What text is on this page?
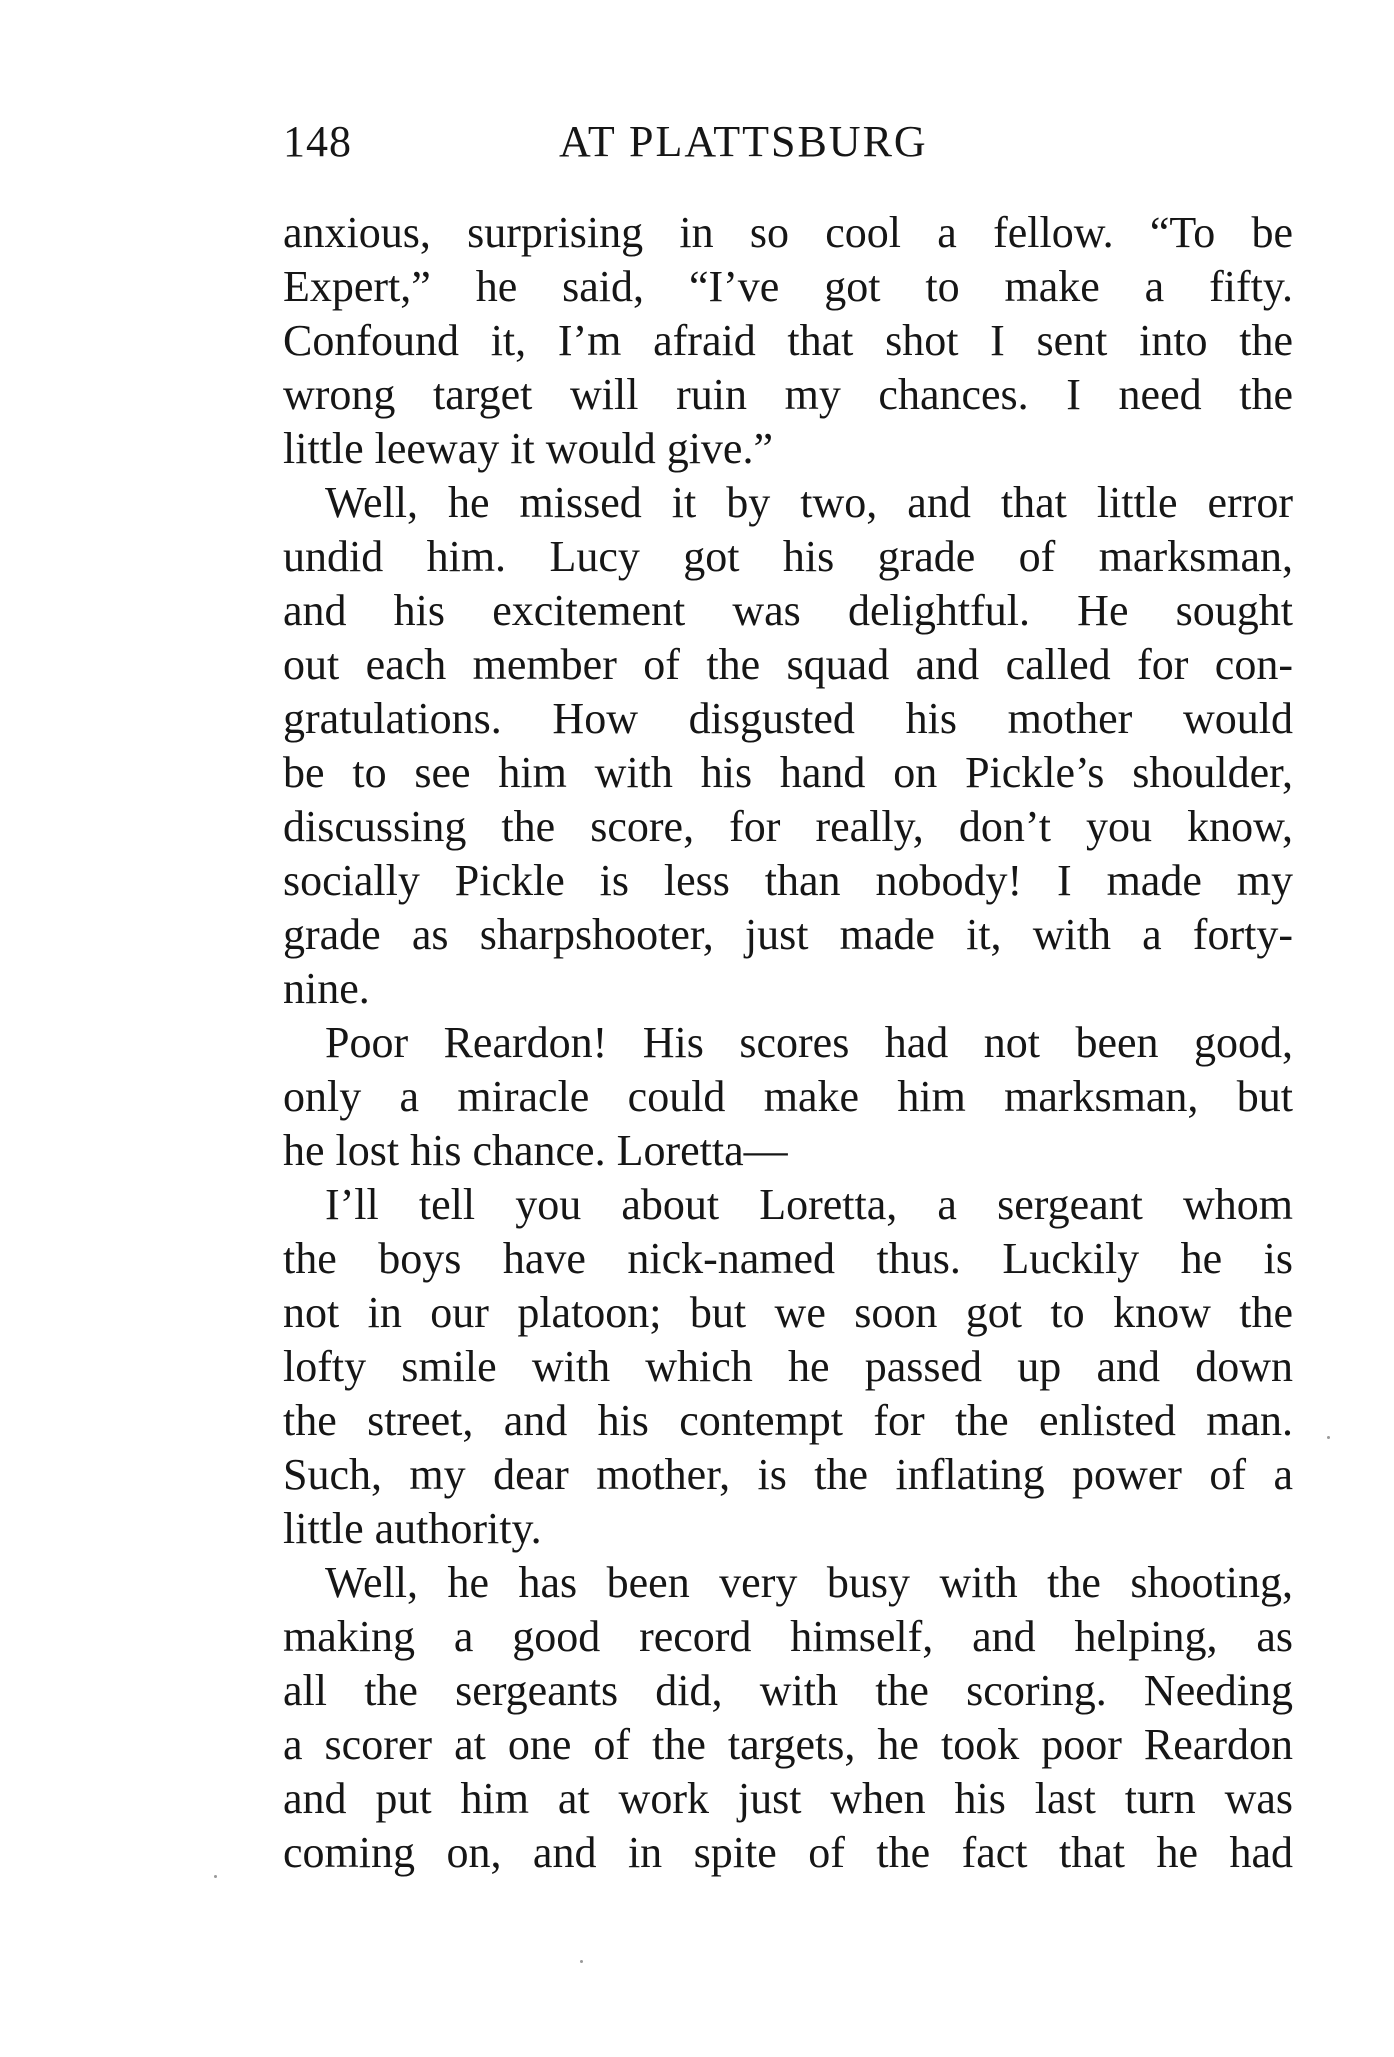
148	AT PLATTSBURG
anxious, surprising in so cool a fellow. “To be
Expert,” he said, “I’ve got to make a fifty.
Confound it, I’m afraid that shot I sent into the
wrong target will ruin my chances. I need the
little leeway it would give.”
Well, he missed it by two, and that little error
undid him. Lucy got his grade of marksman,
and his excitement was delightful. He sought
out each member of the squad and called for con-
gratulations. How disgusted his mother would
be to see him with his hand on Pickle’s shoulder,
discussing the score, for really, don’t you know,
socially Pickle is less than nobody! I made my
grade as sharpshooter, just made it, with a forty-
nine.
Poor Reardon! His scores had not been good,
only a miracle could make him marksman, but
he lost his chance. Loretta—
I’ll tell you about Loretta, a sergeant whom
the boys have nick-named thus. Luckily he is
not in our platoon; but we soon got to know the
lofty smile with which he passed up and down
the street, and his contempt for the enlisted man.
Such, my dear mother, is the inflating power of a
little authority.
Well, he has been very busy with the shooting,
making a good record himself, and helping, as
all the sergeants did, with the scoring. Needing
a scorer at one of the targets, he took poor Reardon
and put him at work just when his last turn was
coming on, and in spite of the fact that he had
